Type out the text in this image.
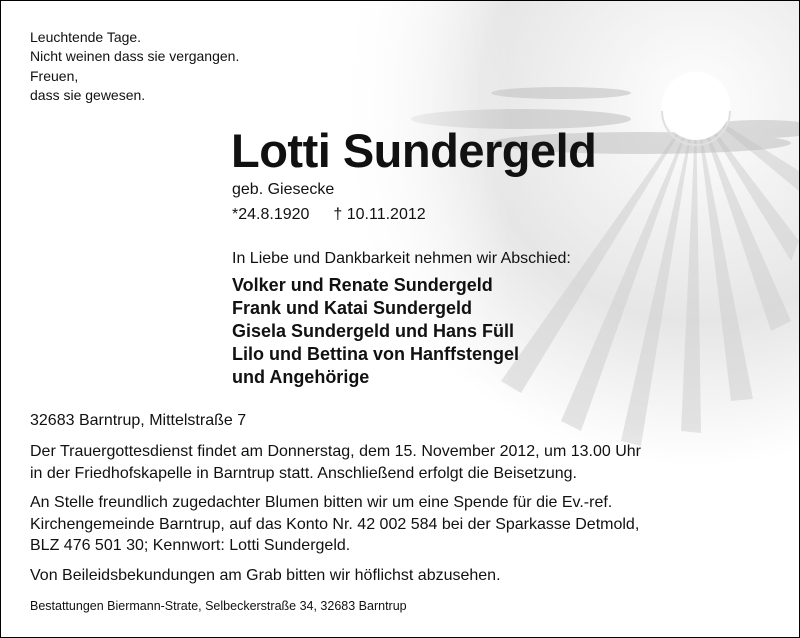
Leuchtende Tage.
Nicht weinen dass sie vergangen.
Freuen,
dass sie gewesen.
Lotti Sundergeld
geb. Giesecke
*24.8.1920 † 10.11.2012
In Liebe und Dankbarkeit nehmen wir Abschied:
Volker und Renate Sundergeld
Frank und Katai Sundergeld
Gisela Sundergeld und Hans Füll
Lilo und Bettina von Hanffstengel
und Angehörige
32683 Barntrup, Mittelstraße 7
Der Trauergottesdienst findet am Donnerstag, dem 15. November 2012, um 13.00 Uhr
in der Friedhofskapelle in Barntrup statt. Anschließend erfolgt die Beisetzung.
An Stelle freundlich zugedachter Blumen bitten wir um eine Spende für die Ev.-ref.
Kirchengemeinde Barntrup, auf das Konto Nr. 42 002 584 bei der Sparkasse Detmold,
BLZ 476 501 30; Kennwort: Lotti Sundergeld.
Von Beileidsbekundungen am Grab bitten wir höflichst abzusehen.
Bestattungen Biermann-Strate, Selbeckerstraße 34, 32683 Barntrup
